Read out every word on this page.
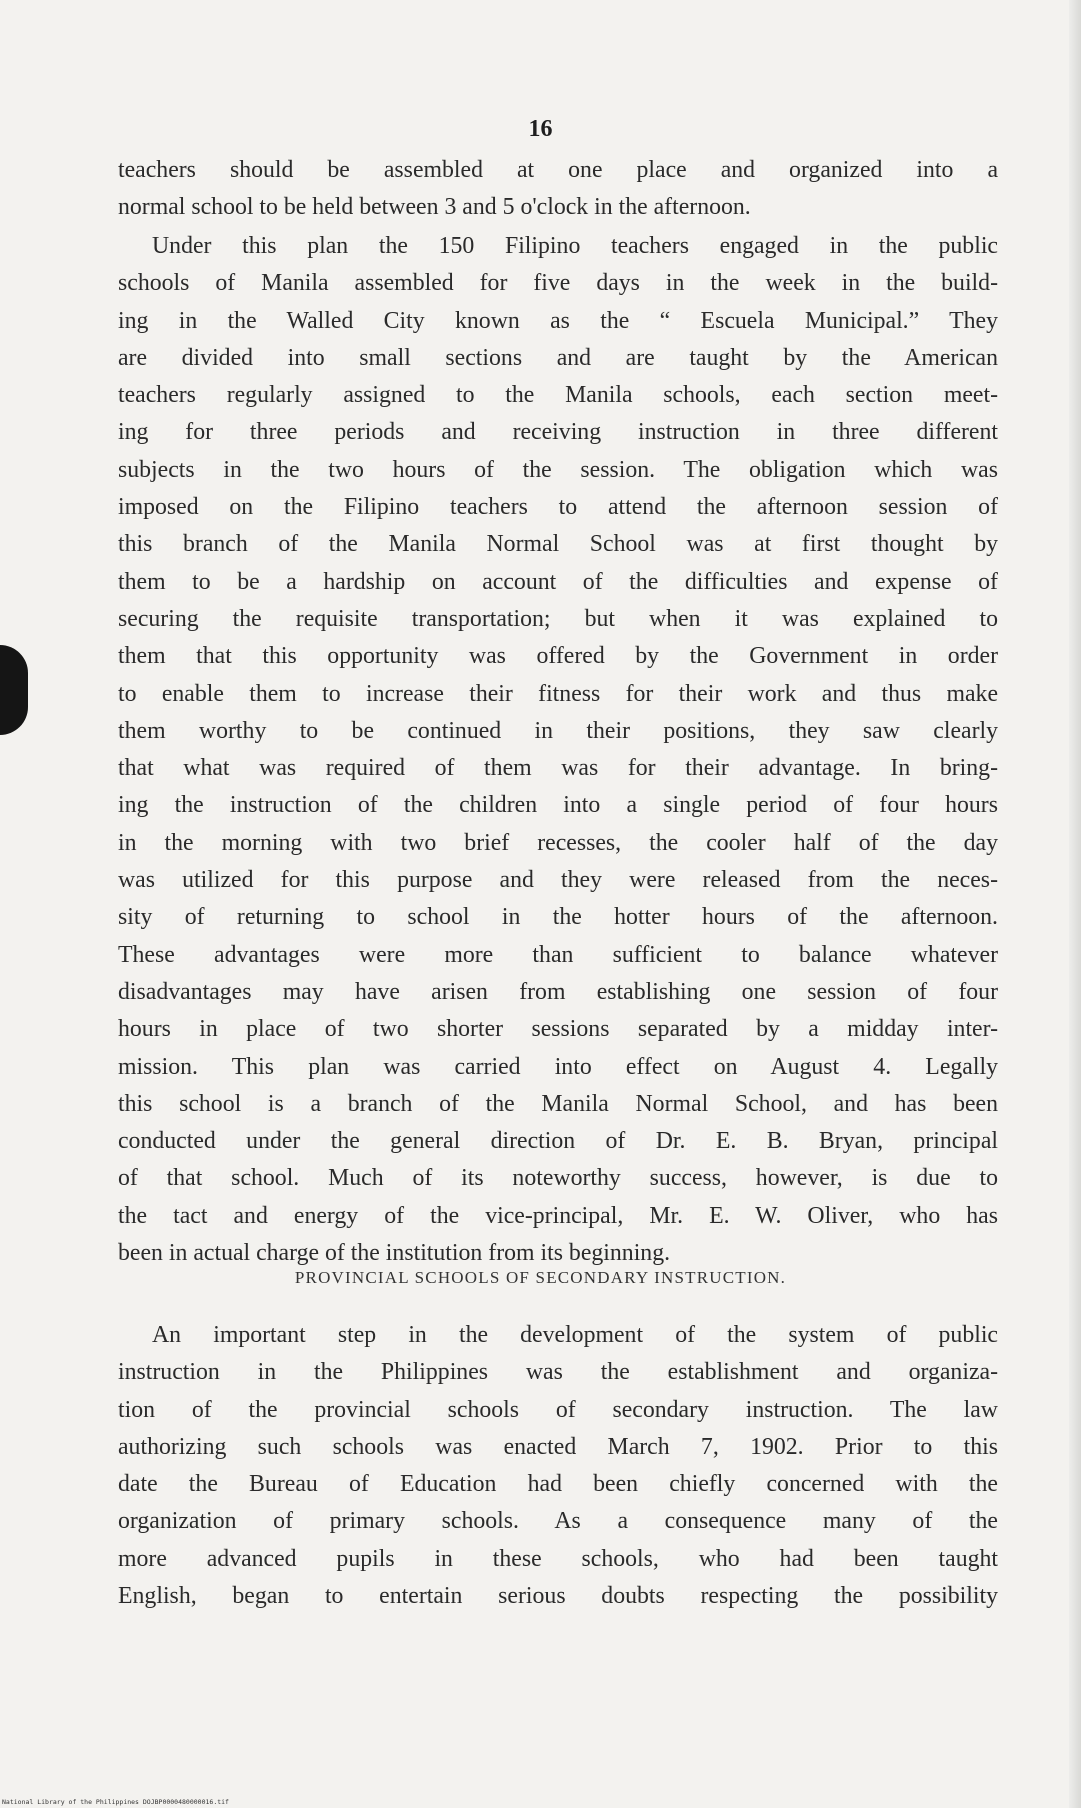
16
teachers should be assembled at one place and organized into a
normal school to be held between 3 and 5 o'clock in the afternoon.
Under this plan the 150 Filipino teachers engaged in the public
schools of Manila assembled for five days in the week in the build-
ing in the Walled City known as the “ Escuela Municipal.” They
are divided into small sections and are taught by the American
teachers regularly assigned to the Manila schools, each section meet-
ing for three periods and receiving instruction in three different
subjects in the two hours of the session. The obligation which was
imposed on the Filipino teachers to attend the afternoon session of
this branch of the Manila Normal School was at first thought by
them to be a hardship on account of the difficulties and expense of
securing the requisite transportation; but when it was explained to
them that this opportunity was offered by the Government in order
to enable them to increase their fitness for their work and thus make
them worthy to be continued in their positions, they saw clearly
that what was required of them was for their advantage. In bring-
ing the instruction of the children into a single period of four hours
in the morning with two brief recesses, the cooler half of the day
was utilized for this purpose and they were released from the neces-
sity of returning to school in the hotter hours of the afternoon.
These advantages were more than sufficient to balance whatever
disadvantages may have arisen from establishing one session of four
hours in place of two shorter sessions separated by a midday inter-
mission. This plan was carried into effect on August 4. Legally
this school is a branch of the Manila Normal School, and has been
conducted under the general direction of Dr. E. B. Bryan, principal
of that school. Much of its noteworthy success, however, is due to
the tact and energy of the vice-principal, Mr. E. W. Oliver, who has
been in actual charge of the institution from its beginning.
PROVINCIAL SCHOOLS OF SECONDARY INSTRUCTION.
An important step in the development of the system of public
instruction in the Philippines was the establishment and organiza-
tion of the provincial schools of secondary instruction. The law
authorizing such schools was enacted March 7, 1902. Prior to this
date the Bureau of Education had been chiefly concerned with the
organization of primary schools. As a consequence many of the
more advanced pupils in these schools, who had been taught
English, began to entertain serious doubts respecting the possibility
National Library of the Philippines DOJBP0000480000016.tif
